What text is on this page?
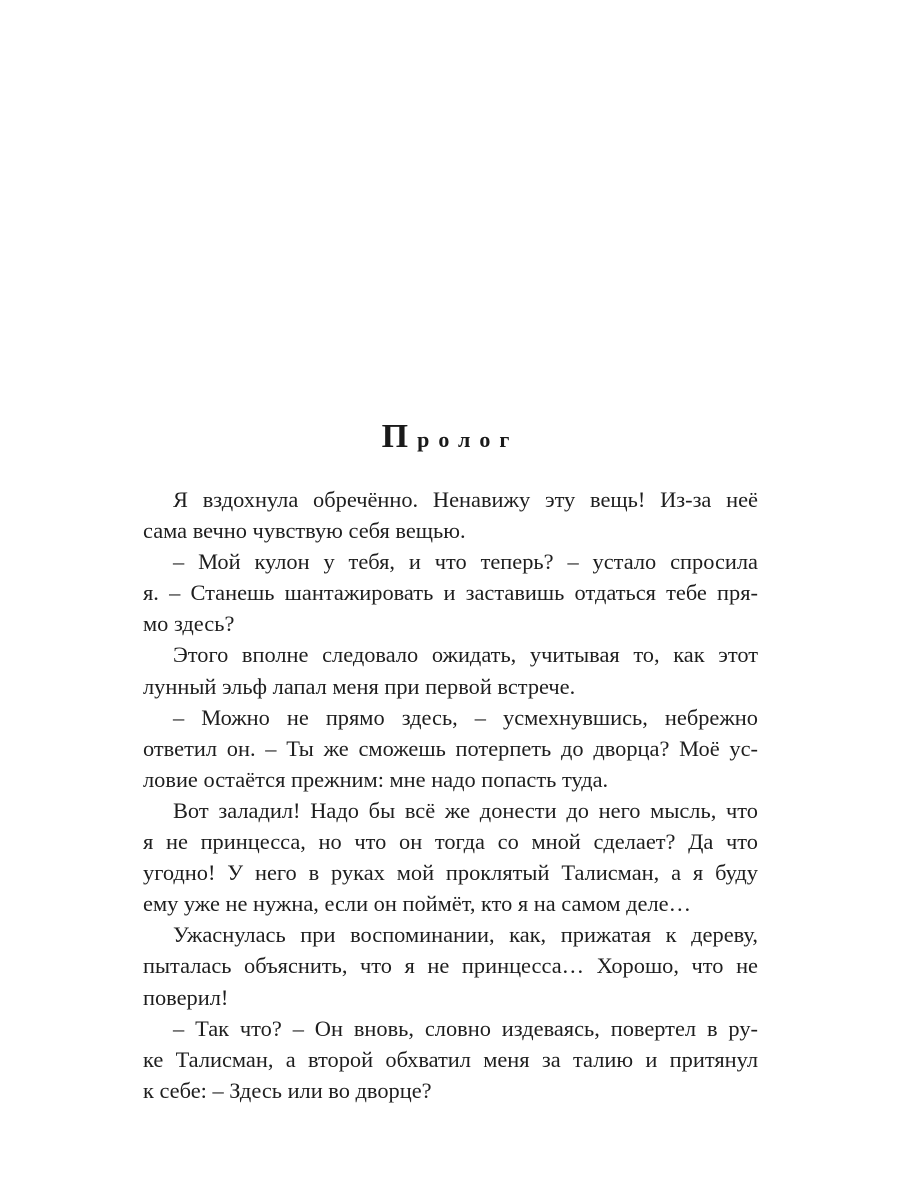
Пролог
Я вздохнула обречённо. Ненавижу эту вещь! Из-за неё
сама вечно чувствую себя вещью.
– Мой кулон у тебя, и что теперь? – устало спросила
я. – Станешь шантажировать и заставишь отдаться тебе пря-
мо здесь?
Этого вполне следовало ожидать, учитывая то, как этот
лунный эльф лапал меня при первой встрече.
– Можно не прямо здесь, – усмехнувшись, небрежно
ответил он. – Ты же сможешь потерпеть до дворца? Моё ус-
ловие остаётся прежним: мне надо попасть туда.
Вот заладил! Надо бы всё же донести до него мысль, что
я не принцесса, но что он тогда со мной сделает? Да что
угодно! У него в руках мой проклятый Талисман, а я буду
ему уже не нужна, если он поймёт, кто я на самом деле…
Ужаснулась при воспоминании, как, прижатая к дереву,
пыталась объяснить, что я не принцесса… Хорошо, что не
поверил!
– Так что? – Он вновь, словно издеваясь, повертел в ру-
ке Талисман, а второй обхватил меня за талию и притянул
к себе: – Здесь или во дворце?
